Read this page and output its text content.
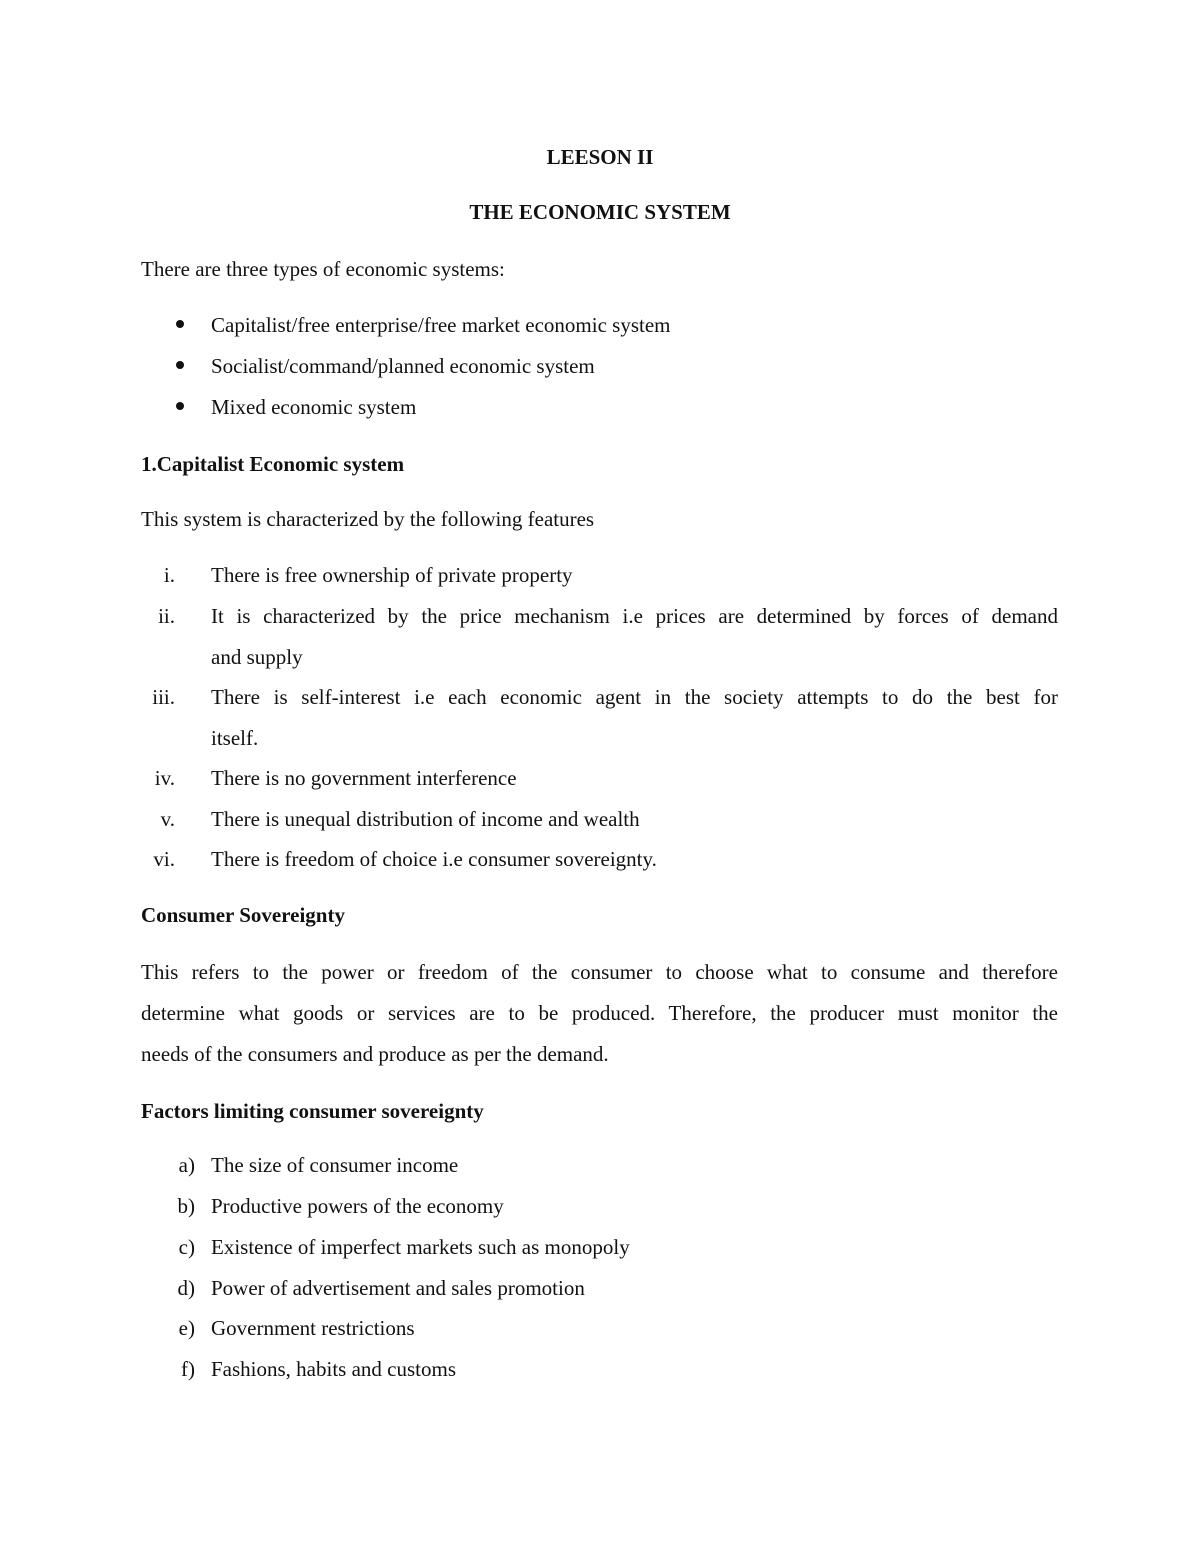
LEESON II
THE ECONOMIC SYSTEM
There are three types of economic systems:
Capitalist/free enterprise/free market economic system
Socialist/command/planned economic system
Mixed economic system
1.Capitalist Economic system
This system is characterized by the following features
i. There is free ownership of private property
ii. It is characterized by the price mechanism i.e prices are determined by forces of demand
and supply
iii. There is self-interest i.e each economic agent in the society attempts to do the best for
itself.
iv. There is no government interference
v. There is unequal distribution of income and wealth
vi. There is freedom of choice i.e consumer sovereignty.
Consumer Sovereignty
This refers to the power or freedom of the consumer to choose what to consume and therefore
determine what goods or services are to be produced. Therefore, the producer must monitor the
needs of the consumers and produce as per the demand.
Factors limiting consumer sovereignty
a) The size of consumer income
b) Productive powers of the economy
c) Existence of imperfect markets such as monopoly
d) Power of advertisement and sales promotion
e) Government restrictions
f) Fashions, habits and customs
